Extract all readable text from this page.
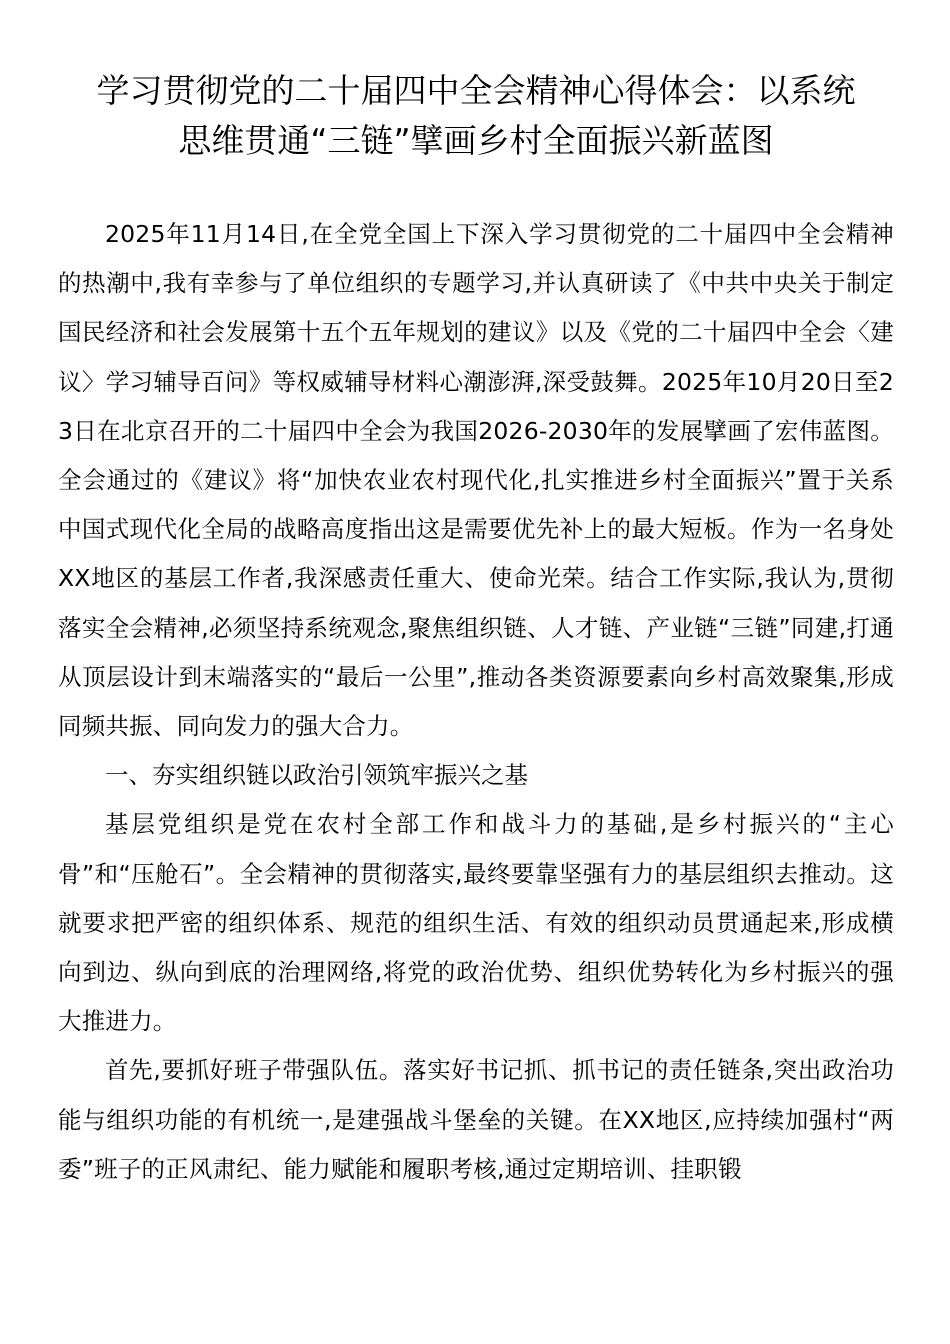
学习贯彻党的二十届四中全会精神心得体会：以系统
思维贯通“三链”擘画乡村全面振兴新蓝图

2025年11月14日,在全党全国上下深入学习贯彻党的二十届四中全会精神的热潮中,我有幸参与了单位组织的专题学习,并认真研读了《中共中央关于制定国民经济和社会发展第十五个五年规划的建议》以及《党的二十届四中全会〈建议〉学习辅导百问》等权威辅导材料心潮澎湃,深受鼓舞。2025年10月20日至23日在北京召开的二十届四中全会为我国2026-2030年的发展擘画了宏伟蓝图。全会通过的《建议》将“加快农业农村现代化,扎实推进乡村全面振兴”置于关系中国式现代化全局的战略高度指出这是需要优先补上的最大短板。作为一名身处XX地区的基层工作者,我深感责任重大、使命光荣。结合工作实际,我认为,贯彻落实全会精神,必须坚持系统观念,聚焦组织链、人才链、产业链“三链”同建,打通从顶层设计到末端落实的“最后一公里”,推动各类资源要素向乡村高效聚集,形成同频共振、同向发力的强大合力。

一、夯实组织链以政治引领筑牢振兴之基

基层党组织是党在农村全部工作和战斗力的基础,是乡村振兴的“主心骨”和“压舱石”。全会精神的贯彻落实,最终要靠坚强有力的基层组织去推动。这就要求把严密的组织体系、规范的组织生活、有效的组织动员贯通起来,形成横向到边、纵向到底的治理网络,将党的政治优势、组织优势转化为乡村振兴的强大推进力。

首先,要抓好班子带强队伍。落实好书记抓、抓书记的责任链条,突出政治功能与组织功能的有机统一,是建强战斗堡垒的关键。在XX地区,应持续加强村“两委”班子的正风肃纪、能力赋能和履职考核,通过定期培训、挂职锻
